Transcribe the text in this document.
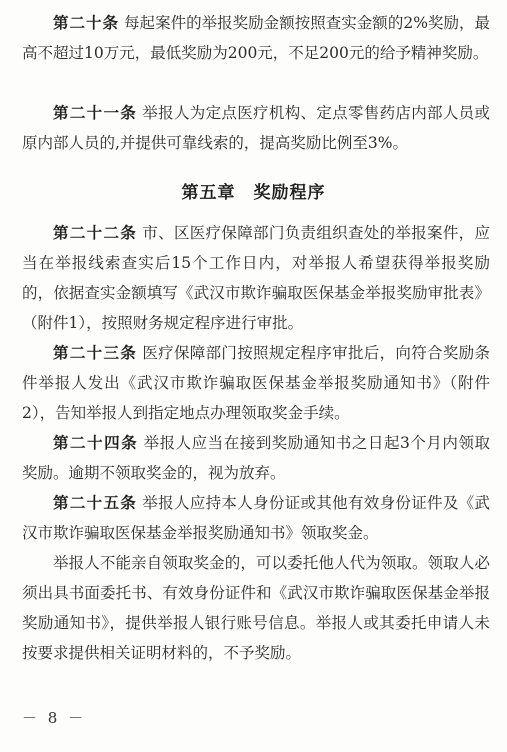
第二十条 每起案件的举报奖励金额按照查实金额的2%奖励，最高不超过10万元，最低奖励为200元，不足200元的给予精神奖励。

第二十一条 举报人为定点医疗机构、定点零售药店内部人员或原内部人员的,并提供可靠线索的，提高奖励比例至3%。

第五章　奖励程序

第二十二条 市、区医疗保障部门负责组织查处的举报案件，应当在举报线索查实后15个工作日内，对举报人希望获得举报奖励的，依据查实金额填写《武汉市欺诈骗取医保基金举报奖励审批表》（附件1），按照财务规定程序进行审批。

第二十三条 医疗保障部门按照规定程序审批后，向符合奖励条件举报人发出《武汉市欺诈骗取医保基金举报奖励通知书》（附件2），告知举报人到指定地点办理领取奖金手续。

第二十四条 举报人应当在接到奖励通知书之日起3个月内领取奖励。逾期不领取奖金的，视为放弃。

第二十五条 举报人应持本人身份证或其他有效身份证件及《武汉市欺诈骗取医保基金举报奖励通知书》领取奖金。

举报人不能亲自领取奖金的，可以委托他人代为领取。领取人必须出具书面委托书、有效身份证件和《武汉市欺诈骗取医保基金举报奖励通知书》，提供举报人银行账号信息。举报人或其委托申请人未按要求提供相关证明材料的，不予奖励。

－ 8 －
